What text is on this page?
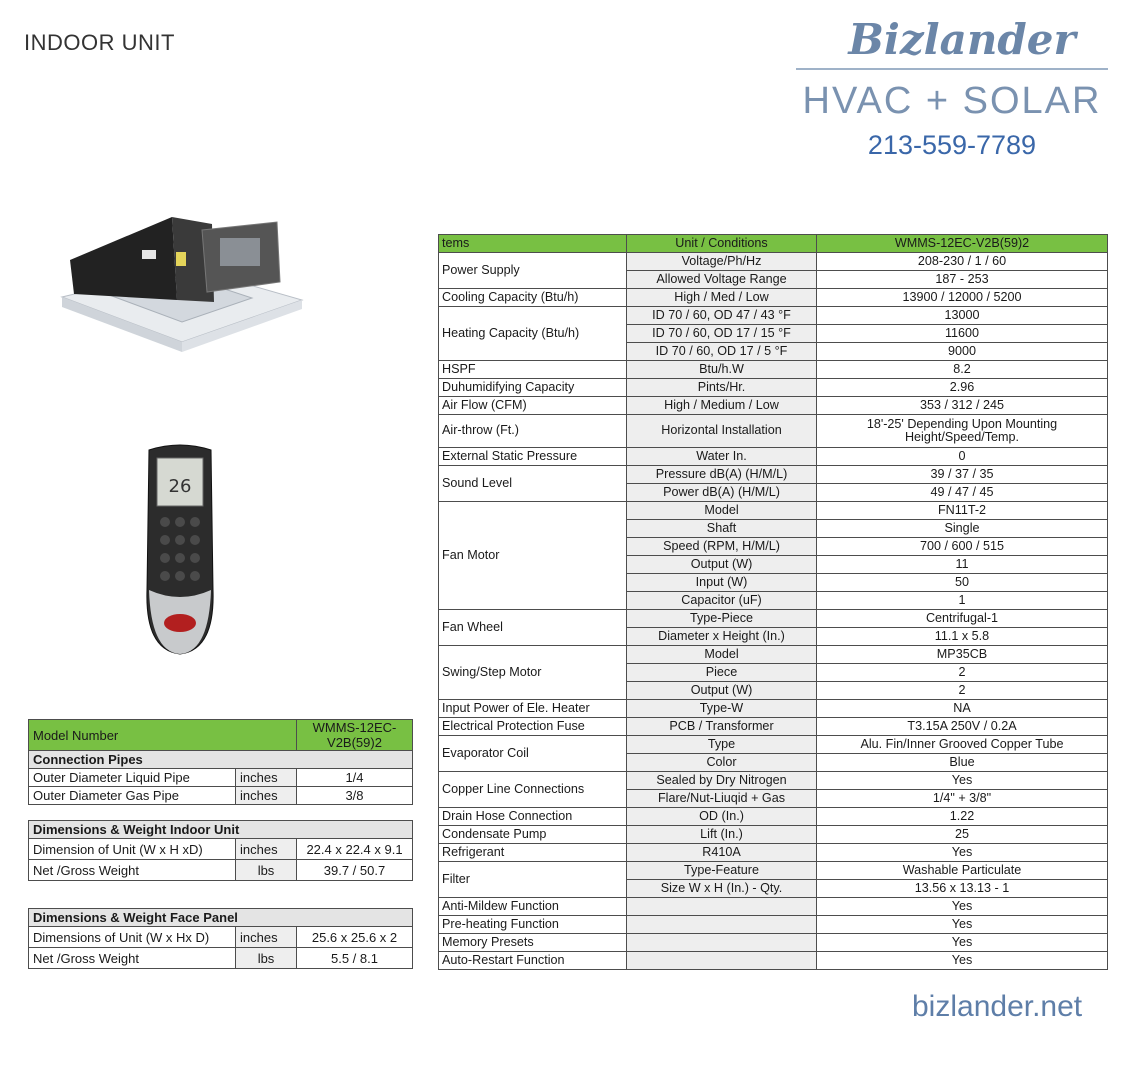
INDOOR UNIT	Bizlander
HVAC + SOLAR
213-559-7789
26
tems	Unit / Conditions	WMMS-12EC-V2B(59)2
Power Supply	Voltage/Ph/Hz	208-230 / 1 / 60
	Allowed Voltage Range	187 - 253
Cooling Capacity (Btu/h)	High / Med / Low	13900 / 12000 / 5200
Heating Capacity (Btu/h)	ID 70 / 60, OD 47 / 43 °F	13000
	ID 70 / 60, OD 17 / 15 °F	11600
	ID 70 / 60, OD 17 / 5 °F	9000
HSPF	Btu/h.W	8.2
Duhumidifying Capacity	Pints/Hr.	2.96
Air Flow (CFM)	High / Medium / Low	353 / 312 / 245
Air-throw (Ft.)	Horizontal Installation	18'-25' Depending Upon Mounting Height/Speed/Temp.
External Static Pressure	Water In.	0
Sound Level	Pressure dB(A) (H/M/L)	39 / 37 / 35
	Power dB(A) (H/M/L)	49 / 47 / 45
Fan Motor	Model	FN11T-2
	Shaft	Single
	Speed (RPM, H/M/L)	700 / 600 / 515
	Output (W)	11
	Input (W)	50
	Capacitor (uF)	1
Fan Wheel	Type-Piece	Centrifugal-1
	Diameter x Height (In.)	11.1 x 5.8
Swing/Step Motor	Model	MP35CB
	Piece	2
	Output (W)	2
Input Power of Ele. Heater	Type-W	NA
Electrical Protection Fuse	PCB / Transformer	T3.15A 250V / 0.2A
Evaporator Coil	Type	Alu. Fin/Inner Grooved Copper Tube
	Color	Blue
Copper Line Connections	Sealed by Dry Nitrogen	Yes
	Flare/Nut-Liuqid + Gas	1/4" + 3/8"
Drain Hose Connection	OD (In.)	1.22
Condensate Pump	Lift (In.)	25
Refrigerant	R410A	Yes
Filter	Type-Feature	Washable Particulate
	Size W x H (In.) - Qty.	13.56 x 13.13 - 1
Anti-Mildew Function		Yes
Pre-heating Function		Yes
Memory Presets		Yes
Auto-Restart Function		Yes
Model Number		WMMS-12EC-V2B(59)2
Connection Pipes		
Outer Diameter Liquid Pipe	inches	1/4
Outer Diameter Gas Pipe	inches	3/8
Dimensions & Weight Indoor Unit		
Dimension of Unit (W x H xD)	inches	22.4 x 22.4 x 9.1
Net /Gross Weight	lbs	39.7 / 50.7
Dimensions & Weight Face Panel		
Dimensions of Unit (W x Hx D)	inches	25.6 x 25.6 x 2
Net /Gross Weight	lbs	5.5 / 8.1
bizlander.net
